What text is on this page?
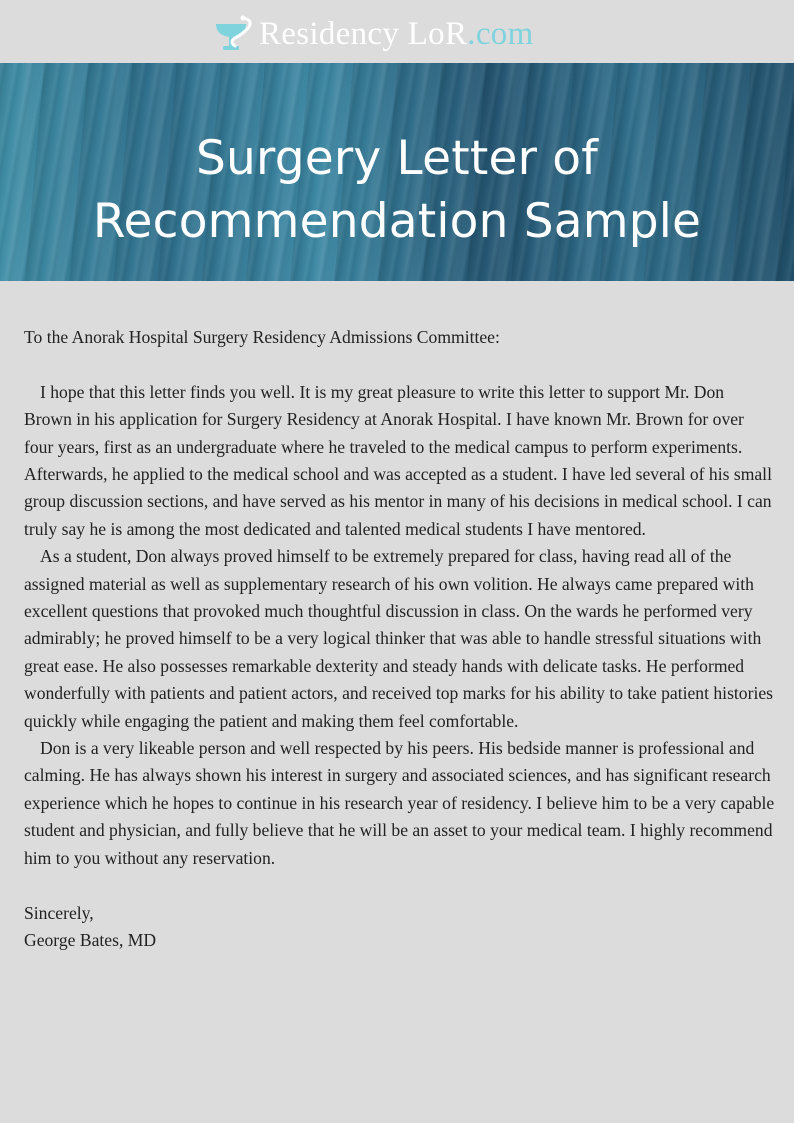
Residency LoR.com
Surgery Letter of
Recommendation Sample

To the Anorak Hospital Surgery Residency Admissions Committee:

I hope that this letter finds you well. It is my great pleasure to write this letter to support Mr. Don Brown in his application for Surgery Residency at Anorak Hospital. I have known Mr. Brown for over four years, first as an undergraduate where he traveled to the medical campus to perform experiments. Afterwards, he applied to the medical school and was accepted as a student. I have led several of his small group discussion sections, and have served as his mentor in many of his decisions in medical school. I can truly say he is among the most dedicated and talented medical students I have mentored.

As a student, Don always proved himself to be extremely prepared for class, having read all of the assigned material as well as supplementary research of his own volition. He always came prepared with excellent questions that provoked much thoughtful discussion in class. On the wards he performed very admirably; he proved himself to be a very logical thinker that was able to handle stressful situations with great ease. He also possesses remarkable dexterity and steady hands with delicate tasks. He performed wonderfully with patients and patient actors, and received top marks for his ability to take patient histories quickly while engaging the patient and making them feel comfortable.

Don is a very likeable person and well respected by his peers. His bedside manner is professional and calming. He has always shown his interest in surgery and associated sciences, and has significant research experience which he hopes to continue in his research year of residency. I believe him to be a very capable student and physician, and fully believe that he will be an asset to your medical team. I highly recommend him to you without any reservation.

Sincerely,

George Bates, MD
